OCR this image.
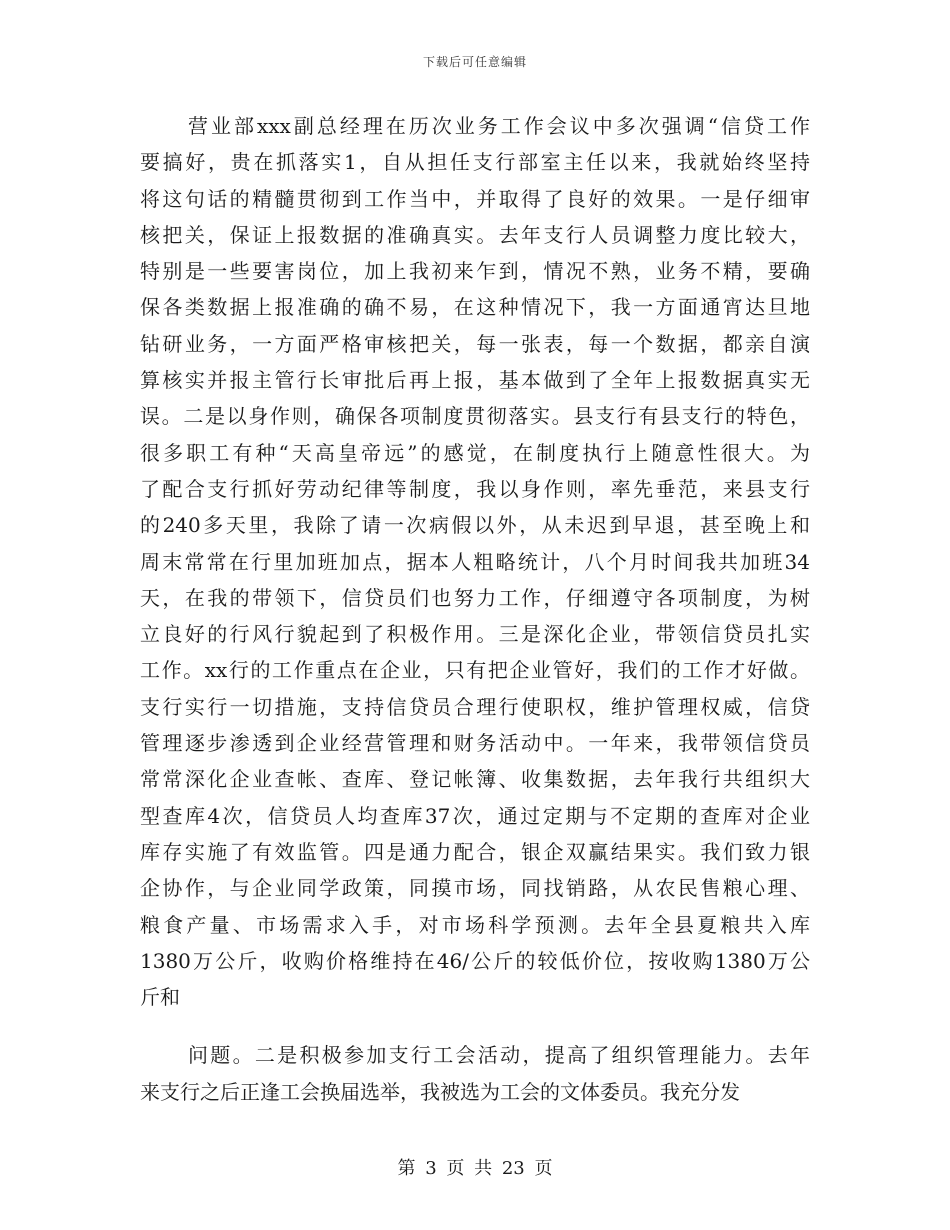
下载后可任意编辑
营业部xxx副总经理在历次业务工作会议中多次强调“信贷工作
要搞好，贵在抓落实1，自从担任支行部室主任以来，我就始终坚持
将这句话的精髓贯彻到工作当中，并取得了良好的效果。一是仔细审
核把关，保证上报数据的准确真实。去年支行人员调整力度比较大，
特别是一些要害岗位，加上我初来乍到，情况不熟，业务不精，要确
保各类数据上报准确的确不易，在这种情况下，我一方面通宵达旦地
钻研业务，一方面严格审核把关，每一张表，每一个数据，都亲自演
算核实并报主管行长审批后再上报，基本做到了全年上报数据真实无
误。二是以身作则，确保各项制度贯彻落实。县支行有县支行的特色，
很多职工有种“天高皇帝远”的感觉，在制度执行上随意性很大。为
了配合支行抓好劳动纪律等制度，我以身作则，率先垂范，来县支行
的240多天里，我除了请一次病假以外，从未迟到早退，甚至晚上和
周末常常在行里加班加点，据本人粗略统计，八个月时间我共加班34
天，在我的带领下，信贷员们也努力工作，仔细遵守各项制度，为树
立良好的行风行貌起到了积极作用。三是深化企业，带领信贷员扎实
工作。xx行的工作重点在企业，只有把企业管好，我们的工作才好做。
支行实行一切措施，支持信贷员合理行使职权，维护管理权威，信贷
管理逐步渗透到企业经营管理和财务活动中。一年来，我带领信贷员
常常深化企业查帐、查库、登记帐簿、收集数据，去年我行共组织大
型查库4次，信贷员人均查库37次，通过定期与不定期的查库对企业
库存实施了有效监管。四是通力配合，银企双赢结果实。我们致力银
企协作，与企业同学政策，同摸市场，同找销路，从农民售粮心理、
粮食产量、市场需求入手，对市场科学预测。去年全县夏粮共入库
1380万公斤，收购价格维持在46/公斤的较低价位，按收购1380万公
斤和
问题。二是积极参加支行工会活动，提高了组织管理能力。去年
来支行之后正逢工会换届选举，我被选为工会的文体委员。我充分发
第 3 页 共 23 页
